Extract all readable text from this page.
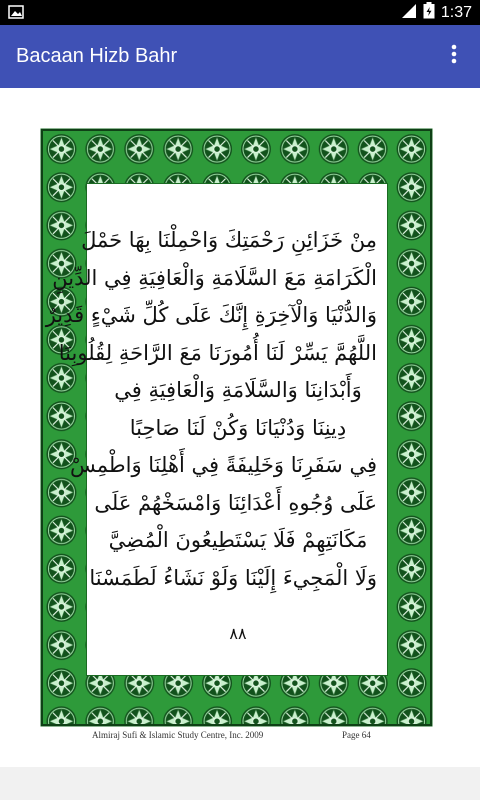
1:37
Bacaan Hizb Bahr
مِنْ خَزَائِنِ رَحْمَتِكَ وَاحْمِلْنَا بِهَا حَمْلَ
الْكَرَامَةِ مَعَ السَّلَامَةِ وَالْعَافِيَةِ فِي الدِّينِ
وَالدُّنْيَا وَالْآخِرَةِ إِنَّكَ عَلَى كُلِّ شَيْءٍ قَدِيرٌ
اللَّهُمَّ يَسِّرْ لَنَا أُمُورَنَا مَعَ الرَّاحَةِ لِقُلُوبِنَا
وَأَبْدَانِنَا وَالسَّلَامَةِ وَالْعَافِيَةِ فِي
دِينِنَا وَدُنْيَانَا وَكُنْ لَنَا صَاحِبًا
فِي سَفَرِنَا وَخَلِيفَةً فِي أَهْلِنَا وَاطْمِسْ
عَلَى وُجُوهِ أَعْدَائِنَا وَامْسَخْهُمْ عَلَى
مَكَانَتِهِمْ فَلَا يَسْتَطِيعُونَ الْمُضِيَّ
وَلَا الْمَجِيءَ إِلَيْنَا وَلَوْ نَشَاءُ لَطَمَسْنَا
٨٨
Almiraj Sufi & Islamic Study Centre, Inc. 2009	Page 64
